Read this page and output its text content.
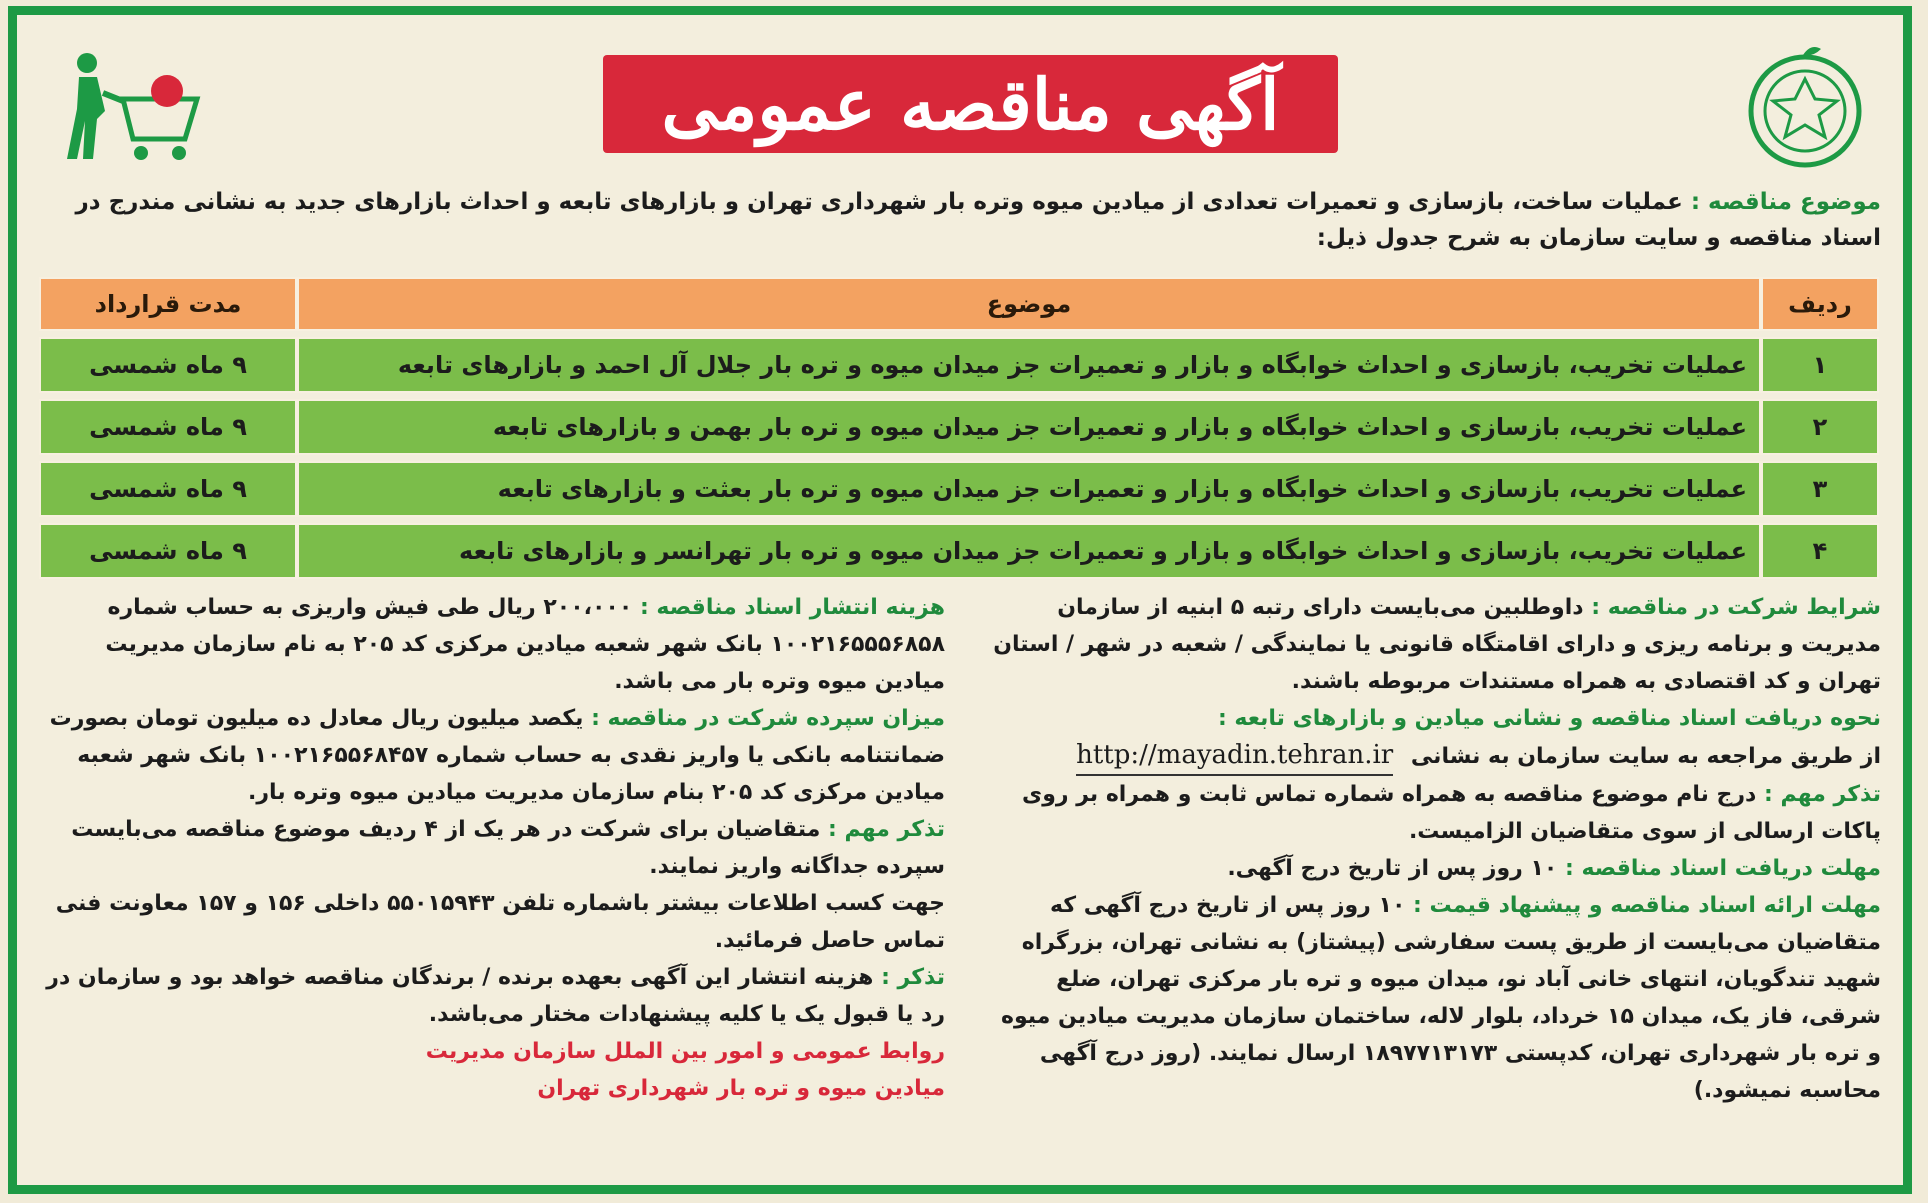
آگهی مناقصه عمومی
موضوع مناقصه : عملیات ساخت، بازسازی و تعمیرات تعدادی از میادین میوه وتره بار شهرداری تهران و بازارهای تابعه و احداث بازارهای جدید به نشانی مندرج در اسناد مناقصه و سایت سازمان به شرح جدول ذیل:
ردیف	موضوع	مدت قرارداد
۱	عملیات تخریب، بازسازی و احداث خوابگاه و بازار و تعمیرات جز میدان میوه و تره بار جلال آل احمد و بازارهای تابعه	۹ ماه شمسی
۲	عملیات تخریب، بازسازی و احداث خوابگاه و بازار و تعمیرات جز میدان میوه و تره بار بهمن و بازارهای تابعه	۹ ماه شمسی
۳	عملیات تخریب، بازسازی و احداث خوابگاه و بازار و تعمیرات جز میدان میوه و تره بار بعثت و بازارهای تابعه	۹ ماه شمسی
۴	عملیات تخریب، بازسازی و احداث خوابگاه و بازار و تعمیرات جز میدان میوه و تره بار تهرانسر و بازارهای تابعه	۹ ماه شمسی

شرایط شرکت در مناقصه : داوطلبین می‌بایست دارای رتبه ۵ ابنیه از سازمان مدیریت و برنامه ریزی و دارای اقامتگاه قانونی یا نمایندگی / شعبه در شهر / استان تهران و کد اقتصادی به همراه مستندات مربوطه باشند.

نحوه دریافت اسناد مناقصه و نشانی میادین و بازارهای تابعه :
از طریق مراجعه به سایت سازمان به نشانی http://mayadin.tehran.ir

تذکر مهم : درج نام موضوع مناقصه به همراه شماره تماس ثابت و همراه بر روی پاکات ارسالی از سوی متقاضیان الزامیست.

مهلت دریافت اسناد مناقصه : ۱۰ روز پس از تاریخ درج آگهی.

مهلت ارائه اسناد مناقصه و پیشنهاد قیمت : ۱۰ روز پس از تاریخ درج آگهی که متقاضیان می‌بایست از طریق پست سفارشی (پیشتاز) به نشانی تهران، بزرگراه شهید تندگویان، انتهای خانی آباد نو، میدان میوه و تره بار مرکزی تهران، ضلع شرقی، فاز یک، میدان ۱۵ خرداد، بلوار لاله، ساختمان سازمان مدیریت میادین میوه و تره بار شهرداری تهران، کدپستی ۱۸۹۷۷۱۳۱۷۳ ارسال نمایند. (روز درج آگهی محاسبه نمیشود.)

هزینه انتشار اسناد مناقصه : ۲۰۰،۰۰۰ ریال طی فیش واریزی به حساب شماره ۱۰۰۲۱۶۵۵۵۶۸۵۸ بانک شهر شعبه میادین مرکزی کد ۲۰۵ به نام سازمان مدیریت میادین میوه وتره بار می باشد.

میزان سپرده شرکت در مناقصه : یکصد میلیون ریال معادل ده میلیون تومان بصورت ضمانتنامه بانکی یا واریز نقدی به حساب شماره ۱۰۰۲۱۶۵۵۶۸۴۵۷ بانک شهر شعبه میادین مرکزی کد ۲۰۵ بنام سازمان مدیریت میادین میوه وتره بار.

تذکر مهم : متقاضیان برای شرکت در هر یک از ۴ ردیف موضوع مناقصه می‌بایست سپرده جداگانه واریز نمایند.

جهت کسب اطلاعات بیشتر باشماره تلفن ۵۵۰۱۵۹۴۳ داخلی ۱۵۶ و ۱۵۷ معاونت فنی تماس حاصل فرمائید.

تذکر : هزینه انتشار این آگهی بعهده برنده / برندگان مناقصه خواهد بود و سازمان در رد یا قبول یک یا کلیه پیشنهادات مختار می‌باشد.

روابط عمومی و امور بین الملل سازمان مدیریت
میادین میوه و تره بار شهرداری تهران
